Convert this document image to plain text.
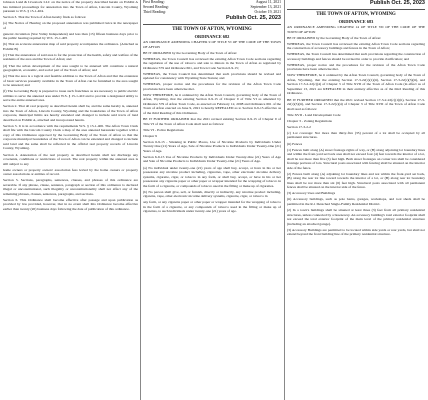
Johnson Land & Livestock LLC on the notice of the property described herein on Exhibit A has initiated proceedings for annexation into the Town of Afton, Lincoln County, Wyoming pursuant to W.S. § 15-1-404.

Section 3. That the Town of Afton hereby finds as follows:

(a) The Notice of Hearing on the proposed annexation was published twice in the newspaper of

general circulation (Star Valley Independent) and less than (15) fifteen business days prior to the public hearing required by W.S. 15-1-405

(b) That an accurate annexation map of said property accompanies the ordinance. (Attached as Exhibit B)

(c) That the annexation of said area is for the protection of the health, safety and welfare of the residents of the area and the Town of Afton; and

(d) That the urban development of the area sought to be annexed will constitute a natural geographical, economic, and social part of the Town of Afton; and

(e) That the area is a logical and feasible addition to the Town of Afton and that the extension of basic services presently available in the Town of Afton can be furnished to the area sought to be annexed; and

(f) The Governing Body is prepared to issue such franchises as are necessary to public electric utilities to serve the annexed area under W.S. § 15-1-410 and to provide a designated utility to serve the entire annexed area.

Section 2. That all real property as described herein shall be, and the same hereby is, annexed into the Town of Afton, Lincoln County, Wyoming and the boundaries of the Town of Afton corporate, municipal limits are hereby extended and changed to include said tracts of land described on Exhibit A, attached and incorporated herein.

Section 3. It is in accordance with the requirements W.S. § 15-1-406. The Afton Town Clerk shall file with the Lincoln County Clerk a map of the area annexed hereunder together with a copy of this Ordinance approved by the Governing Body of the Town of Afton so that the corporate municipal boundaries of the Town of Afton can be extended and changed to include said land and the same shall be reflected in the official real property records of Lincoln County, Wyoming.

Section 4. Annexation of the real property as described herein shall not discharge any covenants, conditions or restrictions of record. The real property within the annexed area is still subject to any

home owners or property owners' association fees levied by the home owners or property owner associations or entities of record.

Section 5. Sections, paragraphs, sentences, clauses, and phrases of this ordinance are severable. If any phrase, clause, sentence, paragraph or section of this ordinance is declared illegal or unconstitutional, such illegality or unconstitutionality shall not affect any of the remaining phrases, clauses, sentences, paragraphs, and sections.

Section 6. This Ordinance shall become effective after passage and upon publication as provided by law provided, however, that in no event shall this Ordinance become effective earlier than twenty (20) business days following the date of publication of this ordinance.

First Reading:	August 11, 2021
Second Reading:	September 13, 2021
Third Reading:	October 19, 2021
Publish Oct. 25, 2023
THE TOWN OF AFTON, WYOMING
ORDINANCE 682

AN ORDINANCE AMENDING CHAPTER 9 OF TITLE VI OF THE CODE OF THE TOWN OF AFTON

BE IT ORDAINED by the Governing Body of the Town of Afton:

WHEREAS, the Town Council has reviewed the existing Afton Town Code sections regarding the regulation of the use of tobacco and sale to minors in the Town of Afton as regulated by Ordinance 579 and Ordinance 661, and Town Code Section 6-9-15;

WHEREAS, the Town Council has determined that such provisions should be revised and updated for consistency with Wyoming State Statute; and

WHEREAS, proper notice and the procedures for the revision of the Afton Town Code provisions have been otherwise met.

NOW THEREFORE, be it ordained by the Afton Town Council, governing body of the Town of Afton, Wyoming, that the existing Section 6-9-15 of Chapter 9 of Title VI as amended by Ordinance 579 of Afton Town Code, as enacted on February 12, 2008 and Ordinance 661 of the Town of Afton enacted on June 9, 2021 is hereby REPEALED as to Section 6-9-15 effective as of the third Reading of this Ordinance.

BE IT FURTHER ORDAINED that the 2021 revised existing Section 6-9-15 of Chapter 9 of Title VI of the Town of Afton Code shall read as follows:

Title VI - Police Regulations

Chapter 9

Section 6-9-15 - Smoking in Public Places, Use of Nicotine Products by Individuals Under Twenty One (21) Years of Age, Sale of Nicotine Products to Individuals Under Twenty-One (21) Years of Age.

Section 6-9-15 Use of Nicotine Products by Individuals Under Twenty-One (21) Years of Age and Sale of Nicotine Products to Individuals Under Twenty-One (21) Years of Age.

(a) No individual under twenty-one (21) years of age shall buy, accept, or have in his or her possession any nicotine product including, cigarettes, vape, other electronic nicotine delivery systems, cigarette, cigar, or tobacco in any form, or shall buy, accept, or have in his or her possession any cigarette paper or other paper or wrapper intended for the wrapping of tobacco in the form of a cigarette, or compounds of tobacco used in the filling or make up of cigarettes.

(b) No person shall give, sell, or furnish, directly or indirectly, any nicotine product including, cigarette, vape, other electronic nicotine delivery systems, cigarette, cigar, or tobacco in

any form, or any cigarette paper or other paper or wrapper intended for the wrapping of tobacco in the form of a cigarette, or any compounds of tobacco used in the filling or make up of cigarettes, to such individuals under twenty-one (21) years of age.

Publish Oct. 25, 2023
THE TOWN OF AFTON, WYOMING
ORDINANCE 683

AN ORDINANCE AMENDING CHAPTER 14 OF TITLE VII OF THE CODE OF THE TOWN OF AFTON

BE IT ORDAINED by the Governing Body of the Town of Afton:

WHEREAS, the Town Council has reviewed the existing Afton Town Code sections regarding the construction of accessory buildings and fences in the Town of Afton;

WHEREAS, the Town Council has determined that such provisions regarding the construction of accessory buildings and fences should be revised in order to provide clarification; and

WHEREAS, proper notice and the procedures for the revision of the Afton Town Code provisions have been otherwise met.

NOW THEREFORE, be it ordained by the Afton Town Council, governing body of the Town of Afton, Wyoming, that the existing Section 17-3-22(c)(1)(ii), Section 17-3-22(c)(3)(ii), and Section 17-3-2-22(c)(4) of Chapter 3 of Title XVII of the Town of Afton Code (in effect as of September 13, 2021 are REPEALED in their entirety effective as of the third Reading of this Ordinance.

BE IT FURTHER ORDAINED that the 2021 revised Section 17-3-2-22(c)(1)(ii), Section 17-3-22(c)(3)(ii), and Section 17-3-22(c)(4) of Chapter 3 of Title XVII of the Town of Afton Code shall read as follows:

Title XVII - Land Development Code

Chapter 3 - Zoning Regulations

Section 17-3-2-2

(c) Lot coverage: Not more than thirty-five (35) percent of a lot shall be occupied by all permanent structures.

(ii) Fences

(1) Fences built along (A) street frontage rights of way, or (B) along adjoining lot boundary lines and within the front-yard set back area shall not exceed four (4) feet towards the interior of a lot, shall be not more than five (5) feet high. Both street frontages on corner lots shall be considered frontage portions of lots. Structural posts associated with fencing shall be situated on the interior side of the fence.

(2) Fences built along (A) adjoining lot boundary lines and not within the front-yard set back, (B) along the rear lot line toward towards the interior of a lot, or (B) along rear lot boundary lines shall be not more than six (6) feet high. Structural posts associated with all permanent fences shall be situated on the interior side of the fence.

(3) Accessory Uses and Buildings

(ii) Accessory buildings, such as pole barns, garages, workshops, and tool sheds shall be permitted in the R-1 Detached Single-Family Residential District.

(2) In a town's buildings shall be situated at least three (3) feet from all primary residential structures, unless connected by a breezeway. An accessory building's total exterior footprint shall not exceed the total exterior footprint of the main level of the primary residential structure (including an attached garage).

(3) Accessory Buildings are permitted to be located within side yards or rear yards, but shall not extend beyond the front building line of the primary residential structure.
